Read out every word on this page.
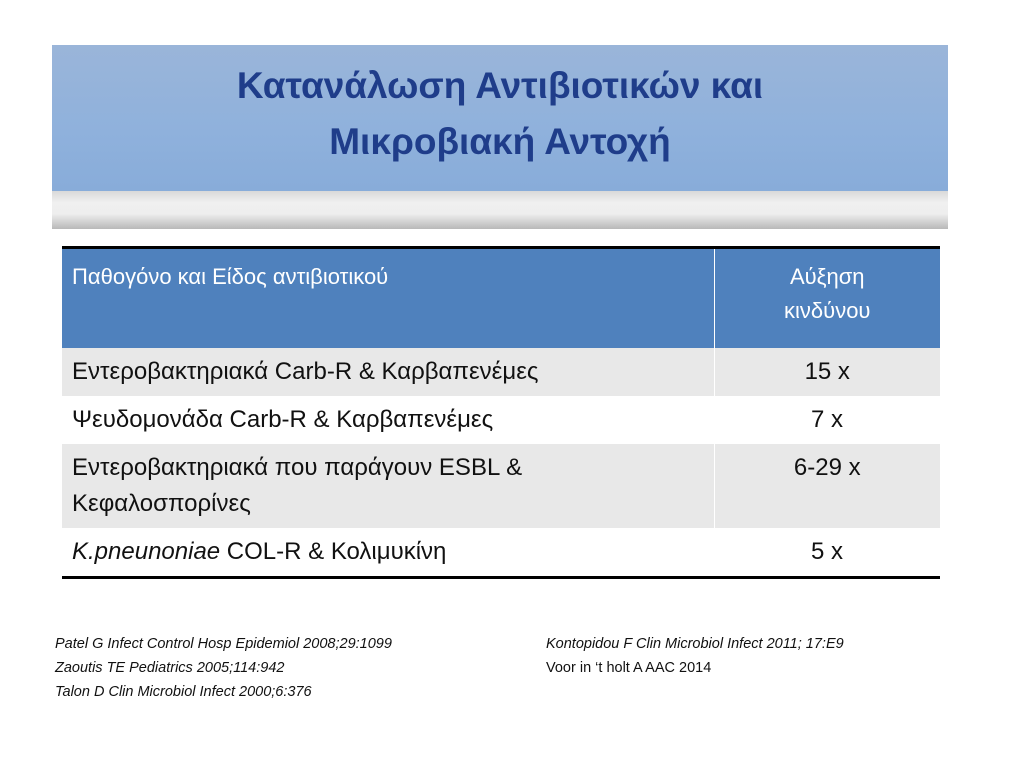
Κατανάλωση Αντιβιοτικών και
Μικροβιακή Αντοχή
Παθογόνο και Είδος αντιβιοτικού	Αύξηση
κινδύνου

Εντεροβακτηριακά Carb-R & Καρβαπενέμες	15 x
Ψευδομονάδα Carb-R & Καρβαπενέμες	7 x

Εντεροβακτηριακά που παράγουν ESBL &
Κεφαλοσπορίνες	6-29 x
K.pneunoniae COL-R & Κολιμυκίνη	5 x
Patel G Infect Control Hosp Epidemiol 2008;29:1099
Zaoutis TE Pediatrics 2005;114:942
Talon D Clin Microbiol Infect 2000;6:376
Kontopidou F Clin Microbiol Infect 2011; 17:E9
Voor in ‘t holt A AAC 2014
